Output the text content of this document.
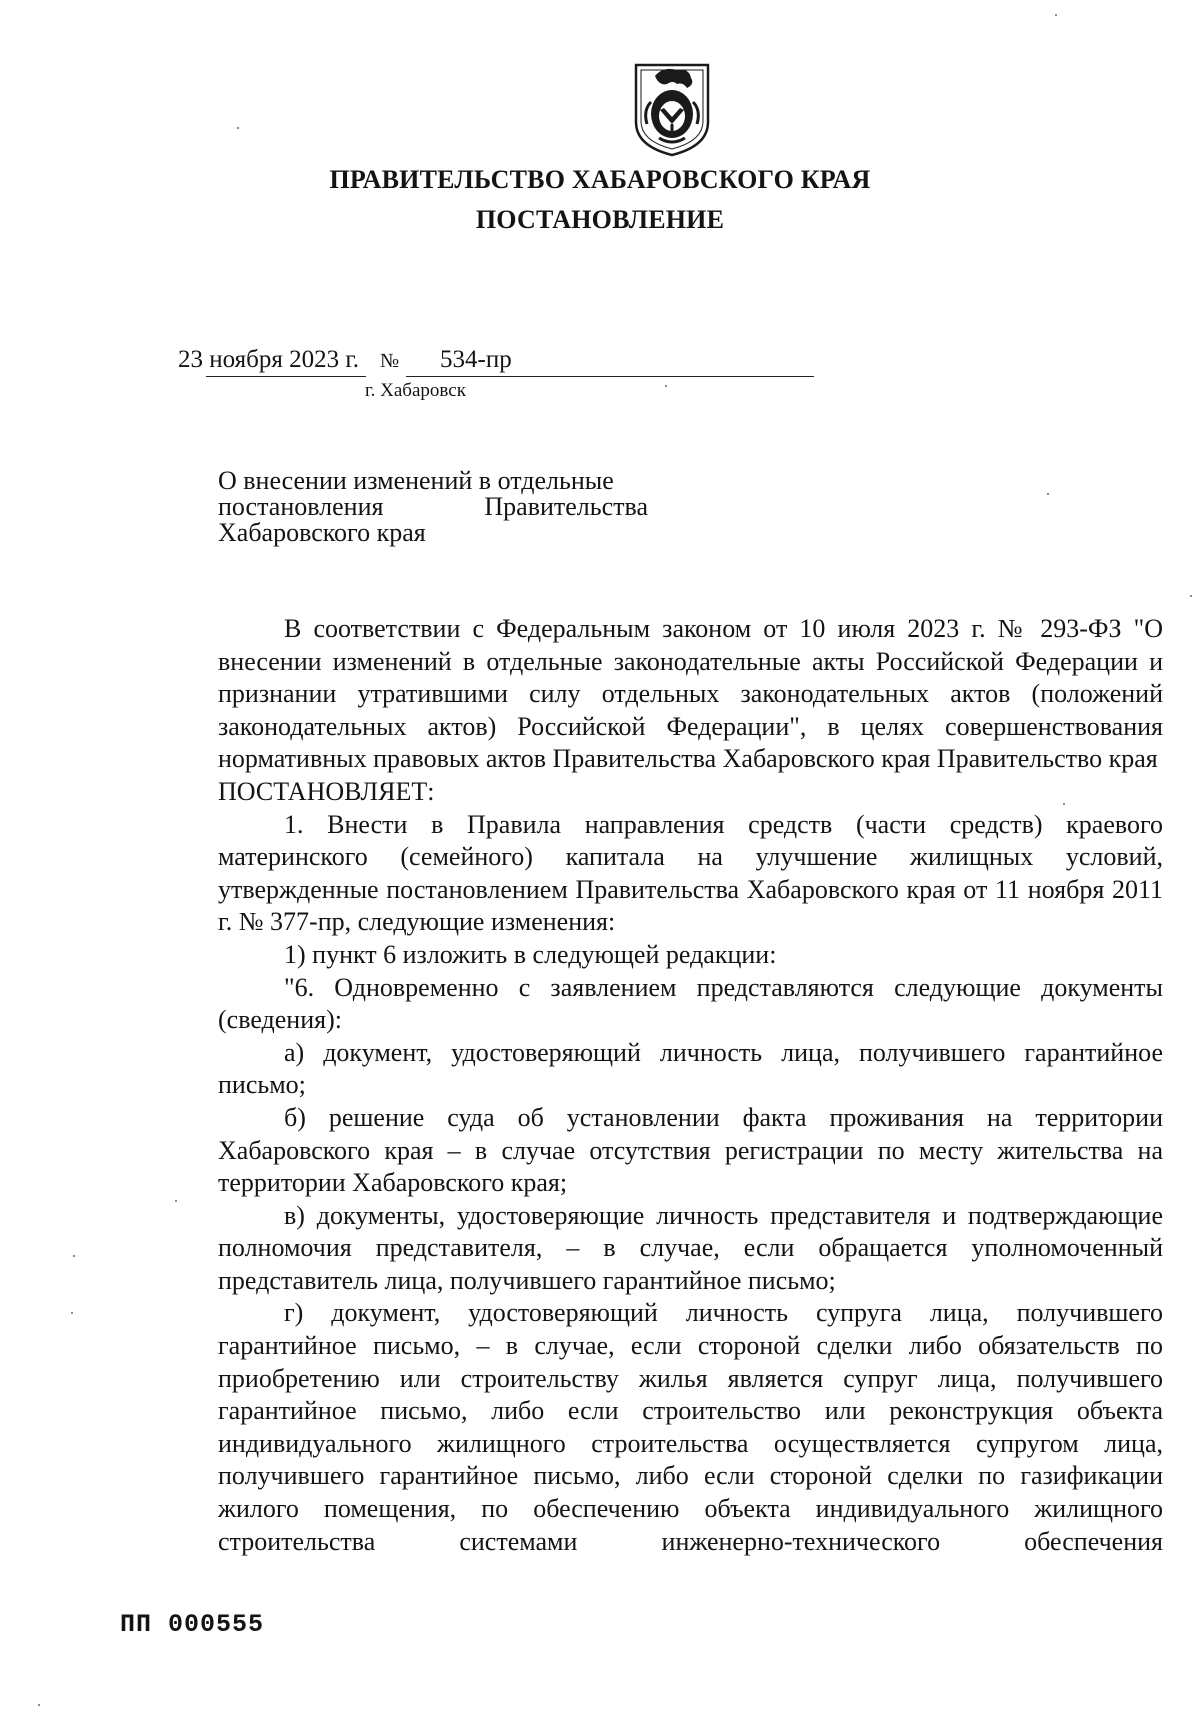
ПРАВИТЕЛЬСТВО ХАБАРОВСКОГО КРАЯ
ПОСТАНОВЛЕНИЕ
23 ноября 2023 г. № 534-пр
г. Хабаровск
О внесении изменений в отдельные
постановления	Правительства
Хабаровского края

В соответствии с Федеральным законом от 10 июля 2023 г. № 293-ФЗ "О внесении изменений в отдельные законодательные акты Российской Федерации и признании утратившими силу отдельных законодательных актов (положений законодательных актов) Российской Федерации", в целях совершенствования нормативных правовых актов Правительства Хабаровского края Правительство края

ПОСТАНОВЛЯЕТ:

1. Внести в Правила направления средств (части средств) краевого материнского (семейного) капитала на улучшение жилищных условий, утвержденные постановлением Правительства Хабаровского края от 11 ноября 2011 г. № 377-пр, следующие изменения:

1) пункт 6 изложить в следующей редакции:

"6. Одновременно с заявлением представляются следующие документы (сведения):

а) документ, удостоверяющий личность лица, получившего гарантийное письмо;

б) решение суда об установлении факта проживания на территории Хабаровского края – в случае отсутствия регистрации по месту жительства на территории Хабаровского края;

в) документы, удостоверяющие личность представителя и подтверждающие полномочия представителя, – в случае, если обращается уполномоченный представитель лица, получившего гарантийное письмо;

г) документ, удостоверяющий личность супруга лица, получившего гарантийное письмо, – в случае, если стороной сделки либо обязательств по приобретению или строительству жилья является супруг лица, получившего гарантийное письмо, либо если строительство или реконструкция объекта индивидуального жилищного строительства осуществляется супругом лица, получившего гарантийное письмо, либо если стороной сделки по газификации жилого помещения, по обеспечению объекта индивидуального жилищного строительства системами инженерно-технического обеспечения

ПП 000555
